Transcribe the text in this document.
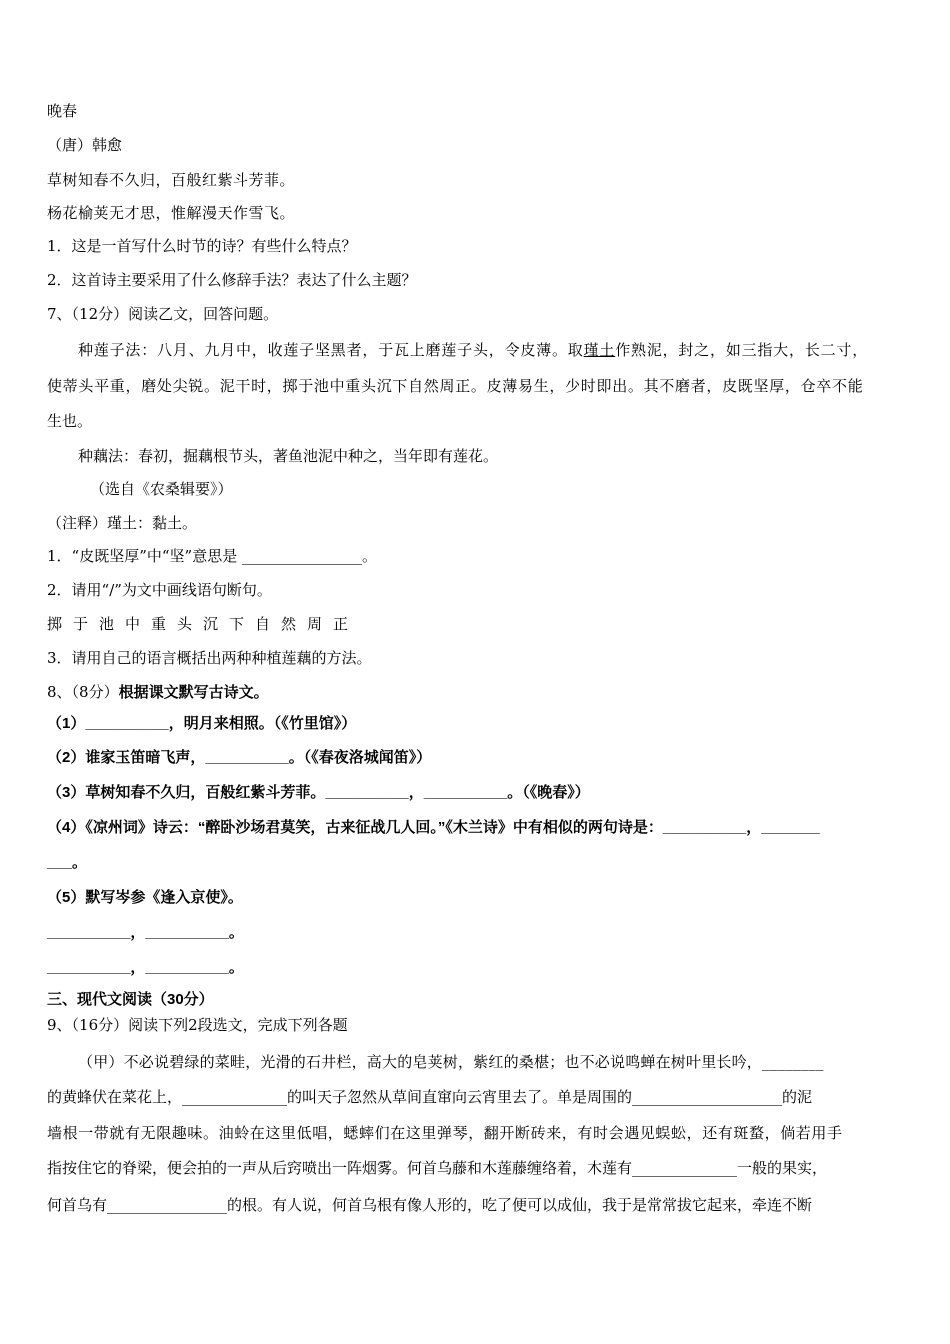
晚春
（唐）韩愈
草树知春不久归，百般红紫斗芳菲。
杨花榆荚无才思，惟解漫天作雪飞。
1．这是一首写什么时节的诗？有些什么特点？
2．这首诗主要采用了什么修辞手法？表达了什么主题？
7、（12分）阅读乙文，回答问题。
种莲子法：八月、九月中，收莲子坚黑者，于瓦上磨莲子头，令皮薄。取瑾土作熟泥，封之，如三指大，长二寸，
使蒂头平重，磨处尖锐。泥干时，掷于池中重头沉下自然周正。皮薄易生，少时即出。其不磨者，皮既坚厚，仓卒不能
生也。
种藕法：春初，掘藕根节头，著鱼池泥中种之，当年即有莲花。
（选自《农桑辑要》）
（注释）瑾土：黏土。
1．“皮既坚厚”中“坚”意思是 ________________。
2．请用“/”为文中画线语句断句。
掷于池中重头沉下自然周正
3．请用自己的语言概括出两种种植莲藕的方法。
8、（8分）根据课文默写古诗文。
（1）__________，明月来相照。（《竹里馆》）
（2）谁家玉笛暗飞声，__________。（《春夜洛城闻笛》）
（3）草树知春不久归，百般红紫斗芳菲。__________，__________。（《晚春》）
（4）《凉州词》诗云：“醉卧沙场君莫笑，古来征战几人回。”《木兰诗》中有相似的两句诗是：__________，_______
___。
（5）默写岑参《逢入京使》。
__________，__________。
__________，__________。
三、现代文阅读（30分）
9、（16分）阅读下列2段选文，完成下列各题
（甲）不必说碧绿的菜畦，光滑的石井栏，高大的皂荚树，紫红的桑椹；也不必说鸣蝉在树叶里长吟，________
的黄蜂伏在菜花上，______________的叫天子忽然从草间直窜向云宵里去了。单是周围的____________________的泥
墙根一带就有无限趣味。油蛉在这里低唱，蟋蟀们在这里弹琴，翻开断砖来，有时会遇见蜈蚣，还有斑蝥，倘若用手
指按住它的脊梁，便会拍的一声从后窍喷出一阵烟雾。何首乌藤和木莲藤缠络着，木莲有______________一般的果实，
何首乌有________________的根。有人说，何首乌根有像人形的，吃了便可以成仙，我于是常常拔它起来，牵连不断
